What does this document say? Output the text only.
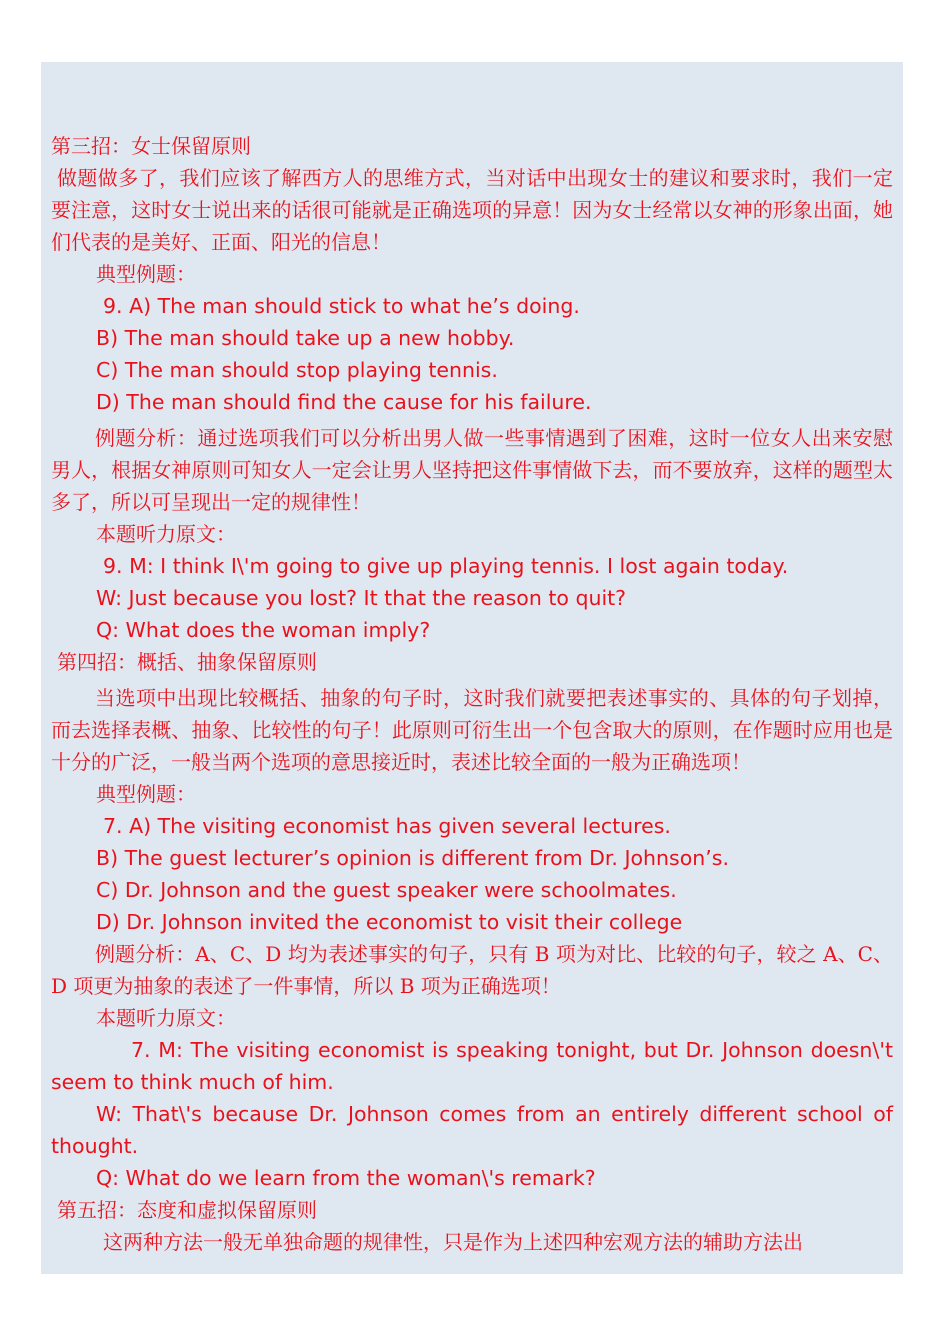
第三招：女士保留原则

做题做多了，我们应该了解西方人的思维方式，当对话中出现女士的建议和要求时，我们一定要注意，这时女士说出来的话很可能就是正确选项的异意！因为女士经常以女神的形象出面，她们代表的是美好、正面、阳光的信息！

典型例题：

9. A) The man should stick to what he’s doing.

B) The man should take up a new hobby.

C) The man should stop playing tennis.

D) The man should find the cause for his failure.

例题分析：通过选项我们可以分析出男人做一些事情遇到了困难，这时一位女人出来安慰男人，根据女神原则可知女人一定会让男人坚持把这件事情做下去，而不要放弃，这样的题型太多了，所以可呈现出一定的规律性！

本题听力原文：

9. M: I think I\'m going to give up playing tennis. I lost again today.

W: Just because you lost? It that the reason to quit?

Q: What does the woman imply?

第四招：概括、抽象保留原则

当选项中出现比较概括、抽象的句子时，这时我们就要把表述事实的、具体的句子划掉，而去选择表概、抽象、比较性的句子！此原则可衍生出一个包含取大的原则，在作题时应用也是十分的广泛，一般当两个选项的意思接近时，表述比较全面的一般为正确选项！

典型例题：

7. A) The visiting economist has given several lectures.

B) The guest lecturer’s opinion is different from Dr. Johnson’s.

C) Dr. Johnson and the guest speaker were schoolmates.

D) Dr. Johnson invited the economist to visit their college

例题分析：A、C、D 均为表述事实的句子，只有 B 项为对比、比较的句子，较之 A、C、D 项更为抽象的表述了一件事情，所以 B 项为正确选项！

本题听力原文：

7. M: The visiting economist is speaking tonight, but Dr. Johnson doesn\'t seem to think much of him.

W: That\'s because Dr. Johnson comes from an entirely different school of thought.

Q: What do we learn from the woman\'s remark?

第五招：态度和虚拟保留原则

这两种方法一般无单独命题的规律性，只是作为上述四种宏观方法的辅助方法出
